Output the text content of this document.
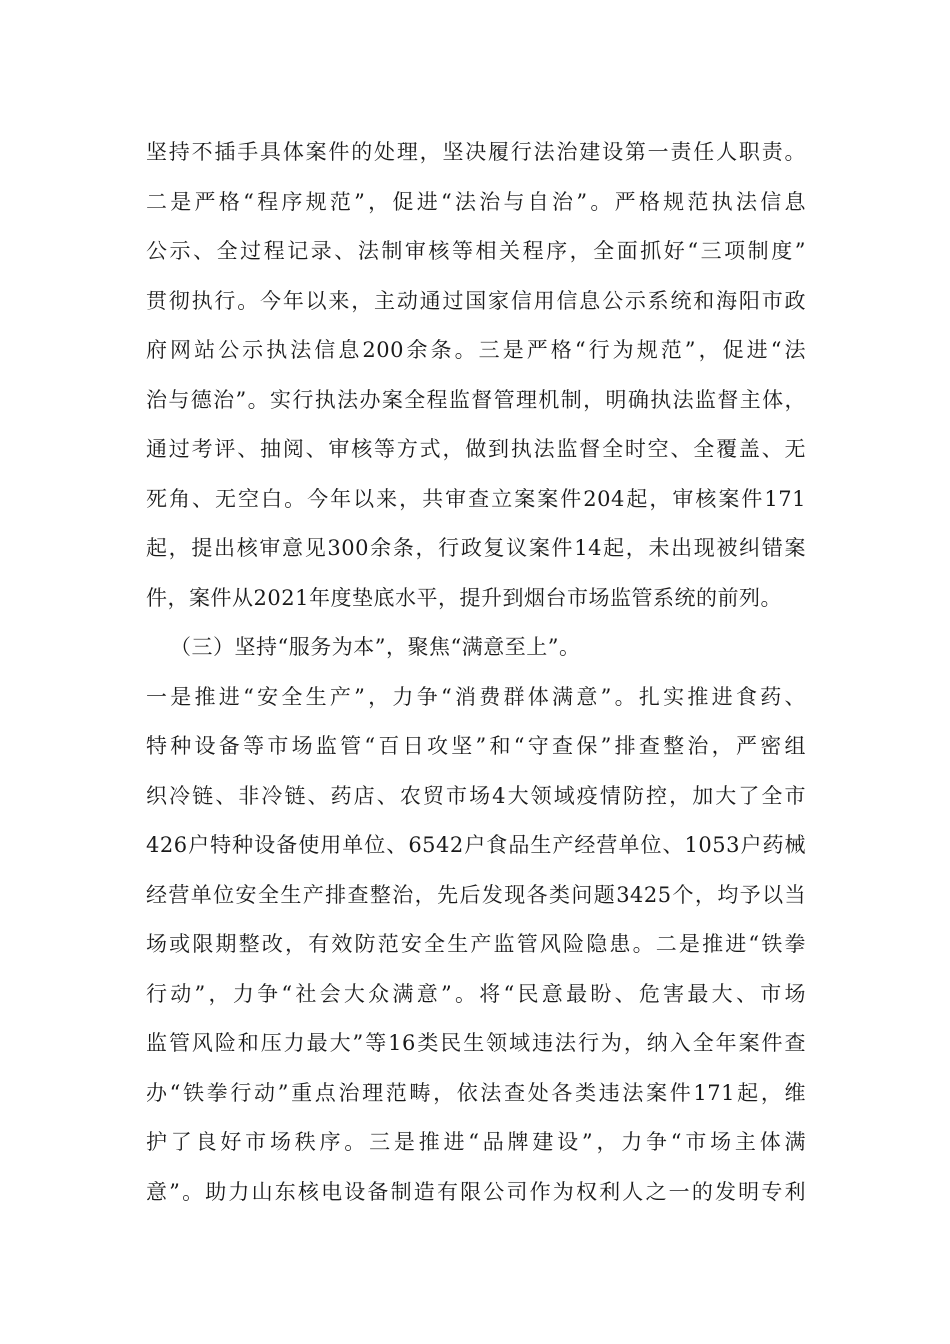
坚持不插手具体案件的处理，坚决履行法治建设第一责任人职责。
二是严格“程序规范”，促进“法治与自治”。严格规范执法信息
公示、全过程记录、法制审核等相关程序，全面抓好“三项制度”
贯彻执行。今年以来，主动通过国家信用信息公示系统和海阳市政
府网站公示执法信息200余条。三是严格“行为规范”，促进“法
治与德治”。实行执法办案全程监督管理机制，明确执法监督主体，
通过考评、抽阅、审核等方式，做到执法监督全时空、全覆盖、无
死角、无空白。今年以来，共审查立案案件204起，审核案件171
起，提出核审意见300余条，行政复议案件14起，未出现被纠错案
件，案件从2021年度垫底水平，提升到烟台市场监管系统的前列。
（三）坚持“服务为本”，聚焦“满意至上”。
一是推进“安全生产”，力争“消费群体满意”。扎实推进食药、
特种设备等市场监管“百日攻坚”和“守查保”排查整治，严密组
织冷链、非冷链、药店、农贸市场4大领域疫情防控，加大了全市
426户特种设备使用单位、6542户食品生产经营单位、1053户药械
经营单位安全生产排查整治，先后发现各类问题3425个，均予以当
场或限期整改，有效防范安全生产监管风险隐患。二是推进“铁拳
行动”，力争“社会大众满意”。将“民意最盼、危害最大、市场
监管风险和压力最大”等16类民生领域违法行为，纳入全年案件查
办“铁拳行动”重点治理范畴，依法查处各类违法案件171起，维
护了良好市场秩序。三是推进“品牌建设”，力争“市场主体满
意”。助力山东核电设备制造有限公司作为权利人之一的发明专利
